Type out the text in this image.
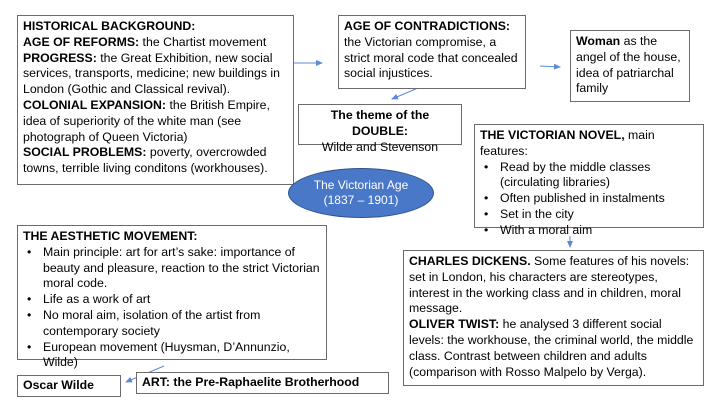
HISTORICAL BACKGROUND:

AGE OF REFORMS: the Chartist movement

PROGRESS: the Great Exhibition, new social services, transports, medicine; new buildings in London (Gothic and Classical revival).

COLONIAL EXPANSION: the British Empire, idea of superiority of the white man (see photograph of Queen Victoria)

SOCIAL PROBLEMS: poverty, overcrowded towns, terrible living conditons (workhouses).

AGE OF CONTRADICTIONS: the Victorian compromise, a strict moral code that concealed social injustices.

Woman as the angel of the house, idea of patriarchal family

The theme of the DOUBLE:

Wilde and Stevenson

The Victorian Age
(1837 – 1901)

THE VICTORIAN NOVEL, main features:

• Read by the middle classes (circulating libraries)
• Often published in instalments
• Set in the city
• With a moral aim

THE AESTHETIC MOVEMENT:

• Main principle: art for art’s sake: importance of beauty and pleasure, reaction to the strict Victorian moral code.
• Life as a work of art
• No moral aim, isolation of the artist from contemporary society
• European movement (Huysman, D’Annunzio, Wilde)

CHARLES DICKENS. Some features of his novels: set in London, his characters are stereotypes, interest in the working class and in children, moral message.

OLIVER TWIST: he analysed 3 different social levels: the workhouse, the criminal world, the middle class. Contrast between children and adults (comparison with Rosso Malpelo by Verga).

Oscar Wilde	ART: the Pre-Raphaelite Brotherhood
